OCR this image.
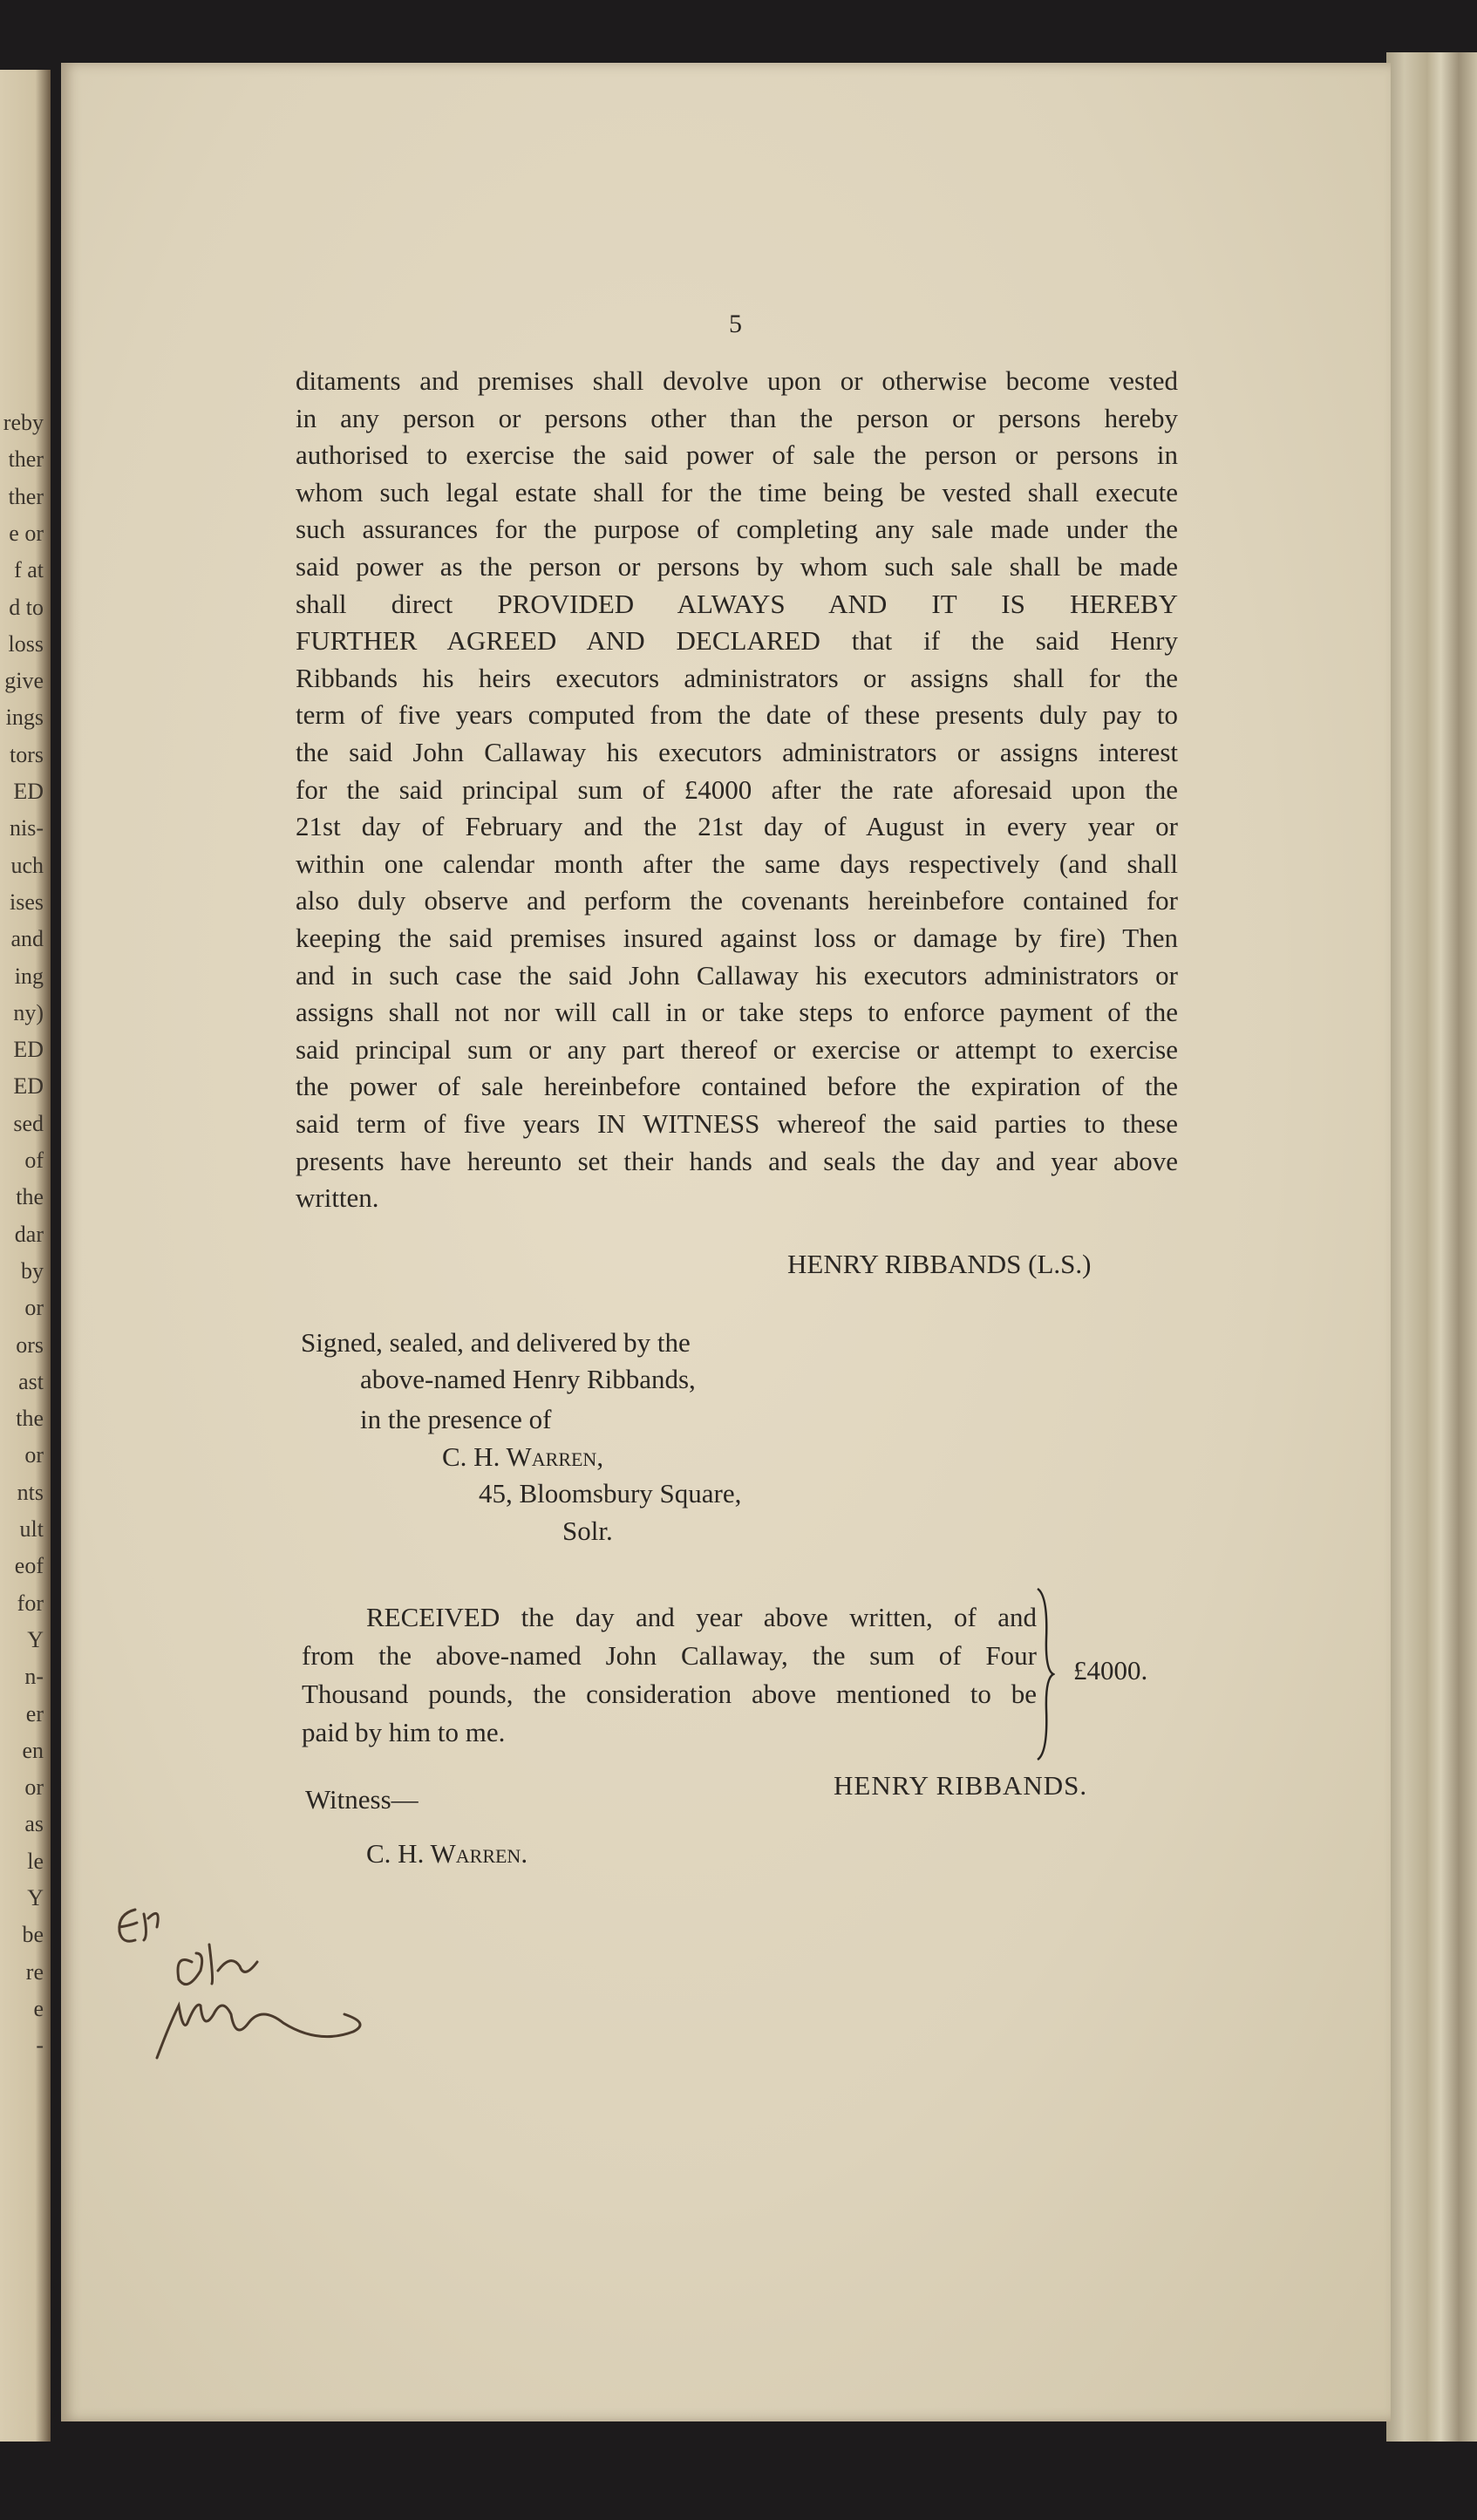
reby
ther
ther
e or
f at
d to
loss
give
ings
tors
ED
nis-
uch
ises
and
ing
ny)
ED
ED
sed
of
the
dar
by
or
ors
ast
the
or
nts
ult
eof
for
Y
n-
er
en
or
as
le
Y
be
re
e
-
5
ditaments and premises shall devolve upon or otherwise become vested
in any person or persons other than the person or persons hereby
authorised to exercise the said power of sale the person or persons in
whom such legal estate shall for the time being be vested shall execute
such assurances for the purpose of completing any sale made under the
said power as the person or persons by whom such sale shall be made
shall direct PROVIDED ALWAYS AND IT IS HEREBY
FURTHER AGREED AND DECLARED that if the said Henry
Ribbands his heirs executors administrators or assigns shall for the
term of five years computed from the date of these presents duly pay to
the said John Callaway his executors administrators or assigns interest
for the said principal sum of £4000 after the rate aforesaid upon the
21st day of February and the 21st day of August in every year or
within one calendar month after the same days respectively (and shall
also duly observe and perform the covenants hereinbefore contained for
keeping the said premises insured against loss or damage by fire) Then
and in such case the said John Callaway his executors administrators or
assigns shall not nor will call in or take steps to enforce payment of the
said principal sum or any part thereof or exercise or attempt to exercise
the power of sale hereinbefore contained before the expiration of the
said term of five years IN WITNESS whereof the said parties to these
presents have hereunto set their hands and seals the day and year above
written.
HENRY RIBBANDS (L.S.)
Signed, sealed, and delivered by the
above-named Henry Ribbands,
in the presence of
C. H. Warren,
45, Bloomsbury Square,
Solr.
RECEIVED the day and year above written, of and
from the above-named John Callaway, the sum of Four
Thousand pounds, the consideration above mentioned to be
paid by him to me.
£4000.
HENRY RIBBANDS.
Witness—
C. H. Warren.
